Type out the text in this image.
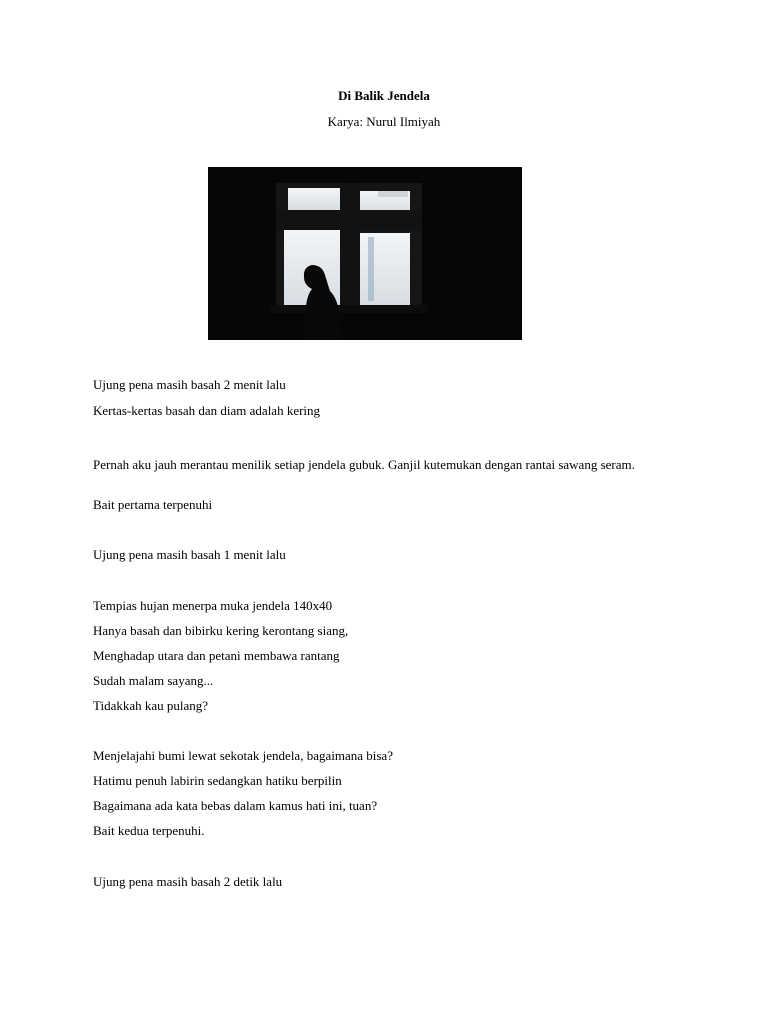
Di Balik Jendela
Karya: Nurul Ilmiyah
Ujung pena masih basah 2 menit lalu
Kertas-kertas basah dan diam adalah kering
Pernah aku jauh merantau menilik setiap jendela gubuk. Ganjil kutemukan dengan rantai sawang seram.
Bait pertama terpenuhi
Ujung pena masih basah 1 menit lalu
Tempias hujan menerpa muka jendela 140x40
Hanya basah dan bibirku kering kerontang siang,
Menghadap utara dan petani membawa rantang
Sudah malam sayang...
Tidakkah kau pulang?
Menjelajahi bumi lewat sekotak jendela, bagaimana bisa?
Hatimu penuh labirin sedangkan hatiku berpilin
Bagaimana ada kata bebas dalam kamus hati ini, tuan?
Bait kedua terpenuhi.
Ujung pena masih basah 2 detik lalu
